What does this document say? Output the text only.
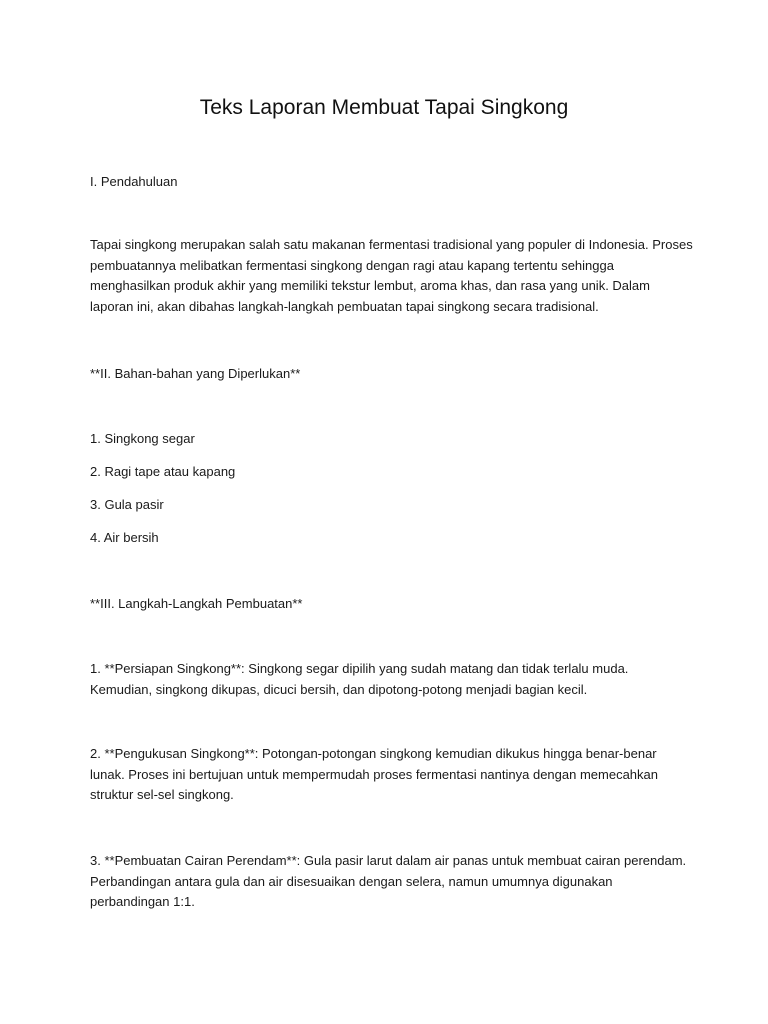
Teks Laporan Membuat Tapai Singkong
I. Pendahuluan
Tapai singkong merupakan salah satu makanan fermentasi tradisional yang populer di Indonesia. Proses pembuatannya melibatkan fermentasi singkong dengan ragi atau kapang tertentu sehingga menghasilkan produk akhir yang memiliki tekstur lembut, aroma khas, dan rasa yang unik. Dalam laporan ini, akan dibahas langkah-langkah pembuatan tapai singkong secara tradisional.
**II. Bahan-bahan yang Diperlukan**
1. Singkong segar
2. Ragi tape atau kapang
3. Gula pasir
4. Air bersih
**III. Langkah-Langkah Pembuatan**
1. **Persiapan Singkong**: Singkong segar dipilih yang sudah matang dan tidak terlalu muda. Kemudian, singkong dikupas, dicuci bersih, dan dipotong-potong menjadi bagian kecil.
2. **Pengukusan Singkong**: Potongan-potongan singkong kemudian dikukus hingga benar-benar lunak. Proses ini bertujuan untuk mempermudah proses fermentasi nantinya dengan memecahkan struktur sel-sel singkong.
3. **Pembuatan Cairan Perendam**: Gula pasir larut dalam air panas untuk membuat cairan perendam. Perbandingan antara gula dan air disesuaikan dengan selera, namun umumnya digunakan perbandingan 1:1.
